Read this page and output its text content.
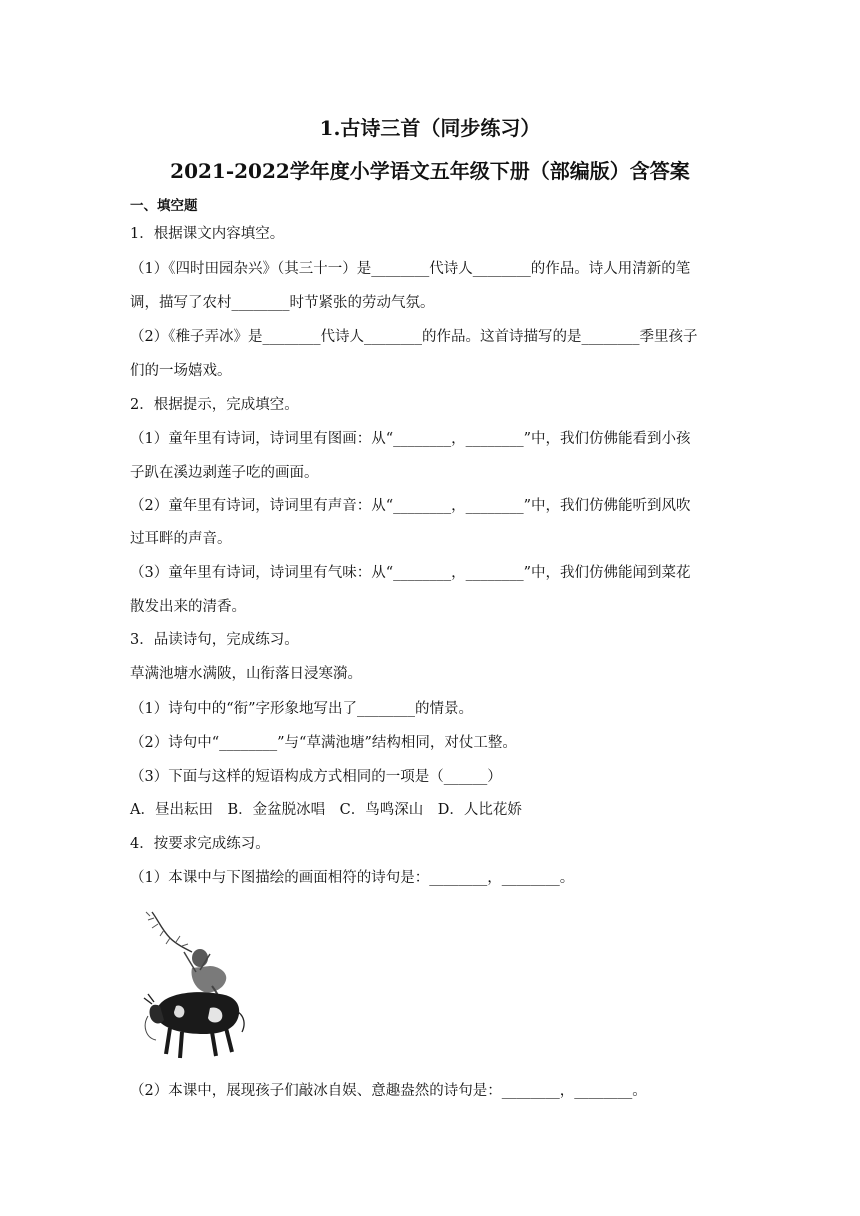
1.古诗三首（同步练习）
2021-2022学年度小学语文五年级下册（部编版）含答案
一、填空题
1．根据课文内容填空。
（1）《四时田园杂兴》（其三十一）是________代诗人________的作品。诗人用清新的笔
调，描写了农村________时节紧张的劳动气氛。
（2）《稚子弄冰》是________代诗人________的作品。这首诗描写的是________季里孩子
们的一场嬉戏。
2．根据提示，完成填空。
（1）童年里有诗词，诗词里有图画：从“________，________”中，我们仿佛能看到小孩
子趴在溪边剥莲子吃的画面。
（2）童年里有诗词，诗词里有声音：从“________，________”中，我们仿佛能听到风吹
过耳畔的声音。
（3）童年里有诗词，诗词里有气味：从“________，________”中，我们仿佛能闻到菜花
散发出来的清香。
3．品读诗句，完成练习。
草满池塘水满陂，山衔落日浸寒漪。
（1）诗句中的“衔”字形象地写出了________的情景。
（2）诗句中“________”与“草满池塘”结构相同，对仗工整。
（3）下面与这样的短语构成方式相同的一项是（______）
A．昼出耘田　B．金盆脱冰唱　C．鸟鸣深山　D．人比花娇
4．按要求完成练习。
（1）本课中与下图描绘的画面相符的诗句是：________，________。
（2）本课中，展现孩子们敲冰自娱、意趣盎然的诗句是：________，________。
